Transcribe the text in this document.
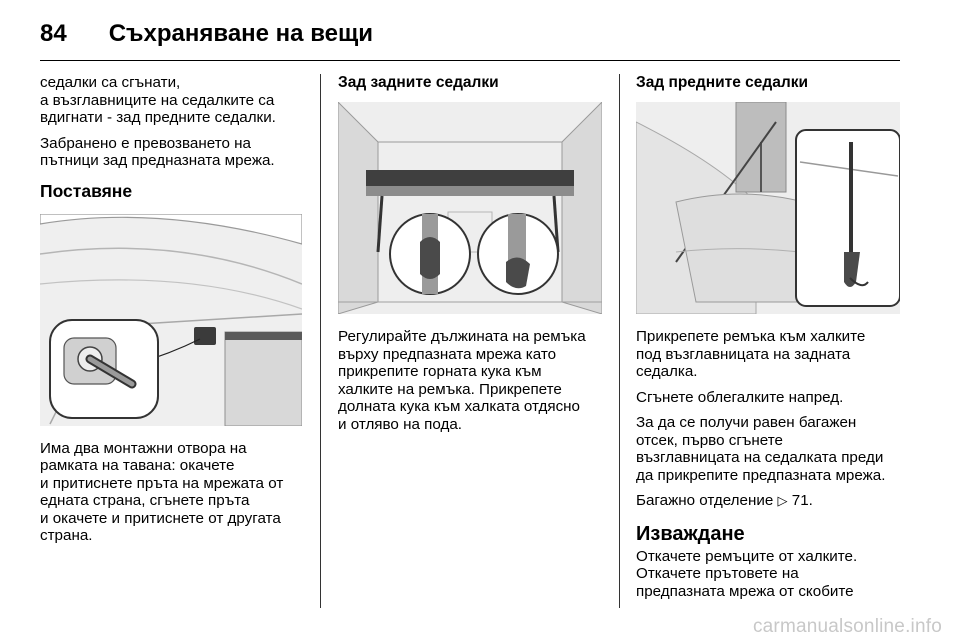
84 Съхраняване на вещи

седалки са сгънати,
а възглавниците на седалките са
вдигнати - зад предните седалки.

Забранено е превозването на
пътници зад предназната мрежа.

Поставяне

Има два монтажни отвора на
рамката на тавана: окачете
и притиснете пръта на мрежата от
едната страна, сгънете пръта
и окачете и притиснете от другата
страна.

Зад задните седалки

Регулирайте дължината на ремъка
върху предпазната мрежа като
прикрепите горната кука към
халките на ремъка. Прикрепете
долната кука към халката отдясно
и отляво на пода.

Зад предните седалки

Прикрепете ремъка към халките
под възглавницата на задната
седалка.

Сгънете облегалките напред.

За да се получи равен багажен
отсек, първо сгънете
възглавницата на седалката преди
да прикрепите предпазната мрежа.

Багажно отделение ▷ 71.

Изваждане

Откачете ремъците от халките.
Откачете прътовете на
предпазната мрежа от скобите

carmanualsonline.info
